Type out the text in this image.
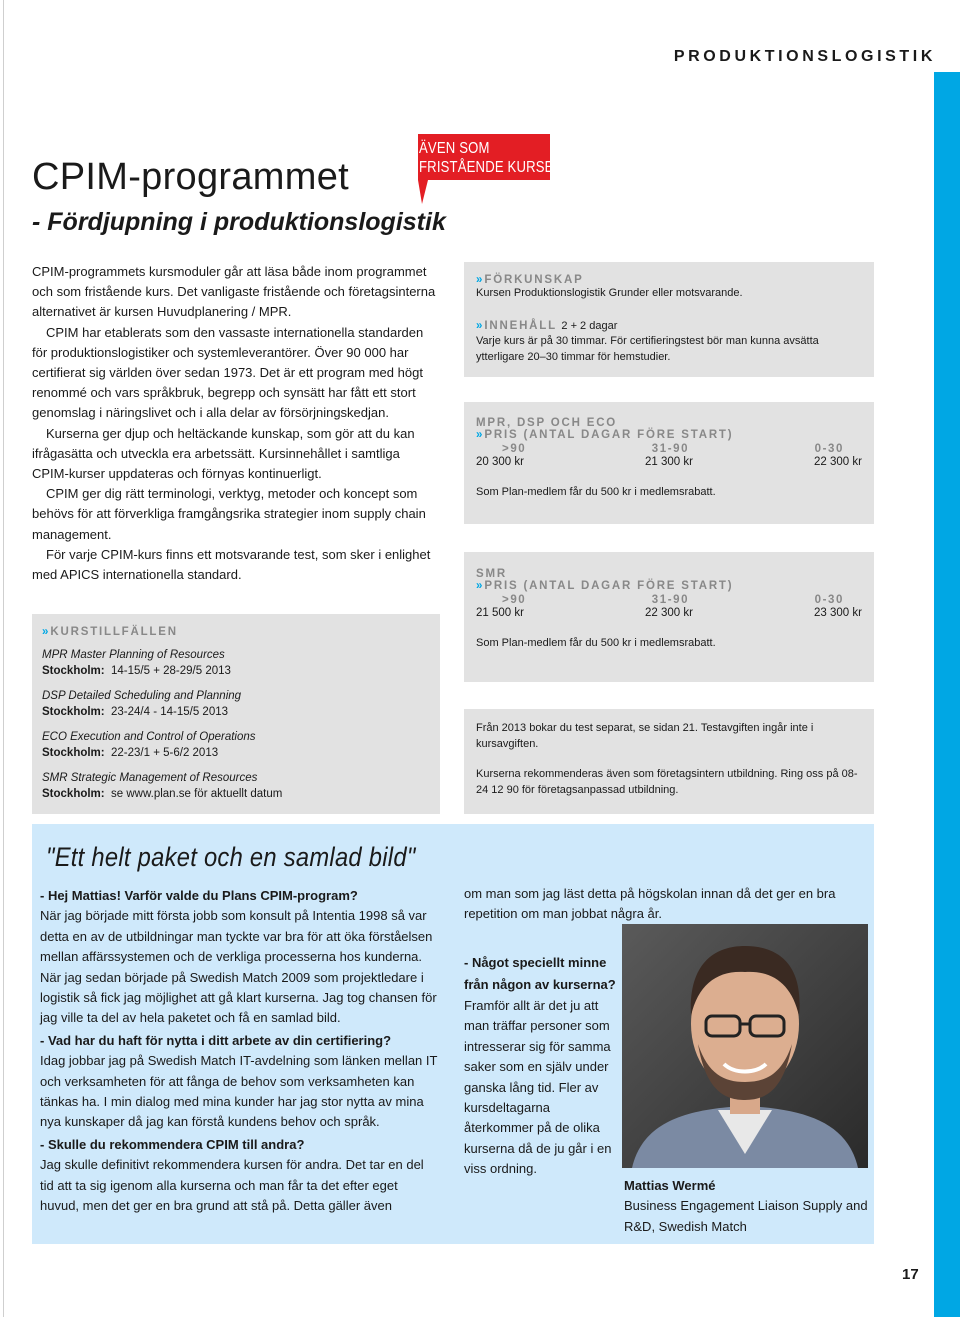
PRODUKTIONSLOGISTIK
CPIM-programmet
- Fördjupning i produktionslogistik
ÄVEN SOM
FRISTÅENDE KURSER

CPIM-programmets kursmoduler går att läsa både inom programmet och som fristående kurs. Det vanligaste fristående och företagsinterna alternativet är kursen Huvudplanering / MPR.

CPIM har etablerats som den vassaste internationella standarden för produktionslogistiker och systemleverantörer. Över 90 000 har certifierat sig världen över sedan 1973. Det är ett program med högt renommé och vars språkbruk, begrepp och synsätt har fått ett stort genomslag i näringslivet och i alla delar av försörjningskedjan.

Kurserna ger djup och heltäckande kunskap, som gör att du kan ifrågasätta och utveckla era arbetssätt. Kursinnehållet i samtliga CPIM-kurser uppdateras och förnyas kontinuerligt.

CPIM ger dig rätt terminologi, verktyg, metoder och koncept som behövs för att förverkliga framgångsrika strategier inom supply chain management.

För varje CPIM-kurs finns ett motsvarande test, som sker i enlighet med APICS internationella standard.

» KURSTILLFÄLLEN
MPR Master Planning of Resources
Stockholm: 14-15/5 + 28-29/5 2013
DSP Detailed Scheduling and Planning
Stockholm: 23-24/4 - 14-15/5 2013
ECO Execution and Control of Operations
Stockholm: 22-23/1 + 5-6/2 2013
SMR Strategic Management of Resources
Stockholm: se www.plan.se för aktuellt datum
» FÖRKUNSKAP
Kursen Produktionslogistik Grunder eller motsvarande.
» INNEHÅLL 2 + 2 dagar
Varje kurs är på 30 timmar. För certifieringstest bör man kunna avsätta ytterligare 20–30 timmar för hemstudier.
MPR, DSP OCH ECO
» PRIS (ANTAL DAGAR FÖRE START)
>90	31-90	0-30
20 300 kr	21 300 kr	22 300 kr
Som Plan-medlem får du 500 kr i medlemsrabatt.
SMR
» PRIS (ANTAL DAGAR FÖRE START)
>90	31-90	0-30
21 500 kr	22 300 kr	23 300 kr
Som Plan-medlem får du 500 kr i medlemsrabatt.
Från 2013 bokar du test separat, se sidan 21. Testavgiften ingår inte i kursavgiften.
Kurserna rekommenderas även som företagsintern utbildning. Ring oss på 08-24 12 90 för företagsanpassad utbildning.
"Ett helt paket och en samlad bild"
- Hej Mattias! Varför valde du Plans CPIM-program?
När jag började mitt första jobb som konsult på Intentia 1998 så var detta en av de utbildningar man tyckte var bra för att öka förståelsen mellan affärssystemen och de verkliga processerna hos kunderna. När jag sedan började på Swedish Match 2009 som projektledare i logistik så fick jag möjlighet att gå klart kurserna. Jag tog chansen för jag ville ta del av hela paketet och få en samlad bild.
- Vad har du haft för nytta i ditt arbete av din certifiering?
Idag jobbar jag på Swedish Match IT-avdelning som länken mellan IT och verksamheten för att fånga de behov som verksamheten kan tänkas ha. I min dialog med mina kunder har jag stor nytta av mina nya kunskaper då jag kan förstå kundens behov och språk.
- Skulle du rekommendera CPIM till andra?
Jag skulle definitivt rekommendera kursen för andra. Det tar en del tid att ta sig igenom alla kurserna och man får ta det efter eget huvud, men det ger en bra grund att stå på. Detta gäller även
om man som jag läst detta på högskolan innan då det ger en bra repetition om man jobbat några år.
- Något speciellt minne
från någon av kurserna?
Framför allt är det ju att man träffar personer som intresserar sig för samma saker som en själv under ganska lång tid. Fler av kursdeltagarna återkommer på de olika kurserna då de ju går i en viss ordning.
Mattias Wermé
Business Engagement Liaison Supply and R&D, Swedish Match
17
